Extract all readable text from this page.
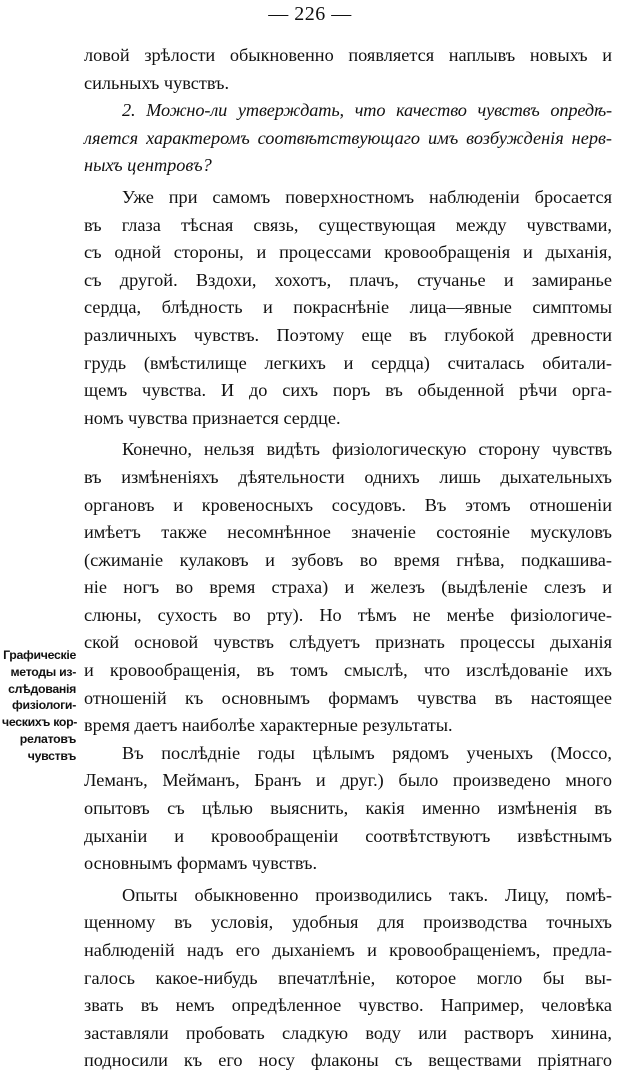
— 226 —
Графическіе
методы из-
слѣдованія
физіологи-
ческихъ кор-
релатовъ
чувствъ

ловой зрѣлости обыкновенно появляется наплывъ новыхъ и
сильныхъ чувствъ.

2. Можно-ли утверждать, что качество чувствъ опредѣ-
ляется характеромъ соотвѣтствующаго имъ возбужденія нерв-
ныхъ центровъ?

Уже при самомъ поверхностномъ наблюденіи бросается
въ глаза тѣсная связь, существующая между чувствами,
съ одной стороны, и процессами кровообращенія и дыханія,
съ другой. Вздохи, хохотъ, плачъ, стучанье и замиранье
сердца, блѣдность и покраснѣніе лица—явные симптомы
различныхъ чувствъ. Поэтому еще въ глубокой древности
грудь (вмѣстилище легкихъ и сердца) считалась обитали-
щемъ чувства. И до сихъ поръ въ обыденной рѣчи орга-
номъ чувства признается сердце.

Конечно, нельзя видѣть физіологическую сторону чувствъ
въ измѣненіяхъ дѣятельности однихъ лишь дыхательныхъ
органовъ и кровеносныхъ сосудовъ. Въ этомъ отношеніи
имѣетъ также несомнѣнное значеніе состояніе мускуловъ
(сжиманіе кулаковъ и зубовъ во время гнѣва, подкашива-
ніе ногъ во время страха) и железъ (выдѣленіе слезъ и
слюны, сухость во рту). Но тѣмъ не менѣе физіологиче-
ской основой чувствъ слѣдуетъ признать процессы дыханія
и кровообращенія, въ томъ смыслѣ, что изслѣдованіе ихъ
отношеній къ основнымъ формамъ чувства въ настоящее
время даетъ наиболѣе характерные результаты.

Въ послѣдніе годы цѣлымъ рядомъ ученыхъ (Моссо,
Леманъ, Мейманъ, Бранъ и друг.) было произведено много
опытовъ съ цѣлью выяснить, какія именно измѣненія въ
дыханіи и кровообращеніи соотвѣтствуютъ извѣстнымъ
основнымъ формамъ чувствъ.

Опыты обыкновенно производились такъ. Лицу, помѣ-
щенному въ условія, удобныя для производства точныхъ
наблюденій надъ его дыханіемъ и кровообращеніемъ, предла-
галось какое-нибудь впечатлѣніе, которое могло бы вы-
звать въ немъ опредѣленное чувство. Например, человѣка
заставляли пробовать сладкую воду или растворъ хинина,
подносили къ его носу флаконы съ веществами пріятнаго
